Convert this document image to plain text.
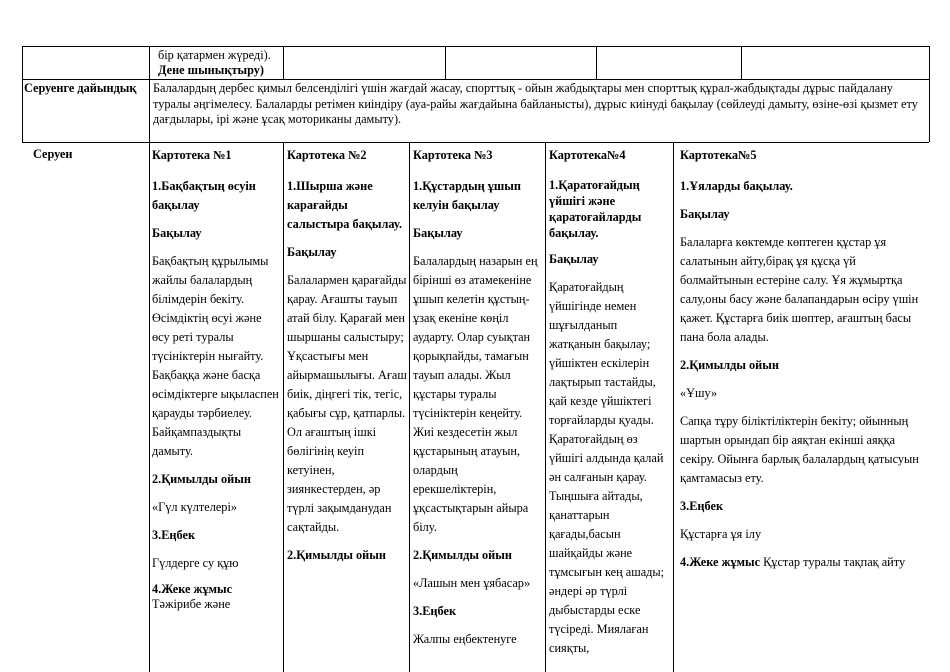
бір қатармен жүреді).
Дене шынықтыру)
Серуенге дайындық	Балалардың дербес қимыл белсенділігі үшін жағдай жасау, спорттық - ойын жабдықтары мен спорттық құрал-жабдықтады дұрыс пайдалану туралы әңгімелесу. Балаларды ретімен киіндіру (ауа-райы жағдайына байланысты), дұрыс киінуді бақылау (сөйлеуді дамыту, өзіне-өзі қызмет ету дағдылары, ірі және ұсақ моториканы дамыту).
Серуен	Картотека №1

1.Бақбақтың өсуін бақылау

Бақылау

Бақбақтың құрылымы жайлы балалардың білімдерін бекіту. Өсімдіктің өсуі және өсу реті туралы түсініктерін нығайту. Бақбаққа және басқа өсімдіктерге ықыласпен қарауды тәрбиелеу. Байқампаздықты дамыту.

2.Қимылды ойын

«Гүл күлтелері»

3.Еңбек

Гүлдерге су құю

4.Жеке жұмыс
Тәжірибе және
Картотека №2

1.Шырша және карағайды салыстыра бақылау.

Бақылау

Балалармен қарағайды қарау. Ағашты тауып атай білу. Қарағай мен шыршаны салыстыру; Ұқсастығы мен айырмашылығы. Ағаш биік, діңгегі тік, тегіс, қабығы сұр, қатпарлы. Ол ағаштың ішкі бөлігінің кеуіп кетуінен, зиянкестерден, әр түрлі зақымданудан сақтайды.

2.Қимылды ойын

Картотека №3

1.Құстардың ұшып келуін бақылау

Бақылау

Балалардың назарын ең біріншi өз атамекеніне ұшып келетін құстың- ұзақ екеніне көңіл аударту. Олар суықтан қорықпайды, тамағын тауып алады. Жыл құстары туралы түсініктерін кеңейту. Жиі кездесетін жыл құстарының атауын, олардың ерекшеліктерін, ұқсастықтарын айыра білу.

2.Қимылды ойын

«Лашын мен ұябасар»

3.Еңбек

Жалпы еңбектенуге

Картотека№4

1.Қаратоғайдың үйшігі және қаратоғайларды бақылау.

Бақылау

Қаратоғайдың үйшігінде немен шұғылданып жатқанын бақылау; үйшіктен ескілерін лақтырып тастайды, қай кезде үйшіктегі торғайларды қуады. Қаратоғайдың өз үйшігі алдында қалай ән салғанын қарау. Тыңшыға айтады, қанаттарын қағады,басын шайқайды және тұмсығын кең ашады; әндері әр түрлі дыбыстарды еске түсіреді. Миялаған сияқты,

Картотека№5

1.Ұяларды бақылау.

Бақылау

Балаларға көктемде көптеген құстар ұя салатынын айту,бірақ ұя құсқа үй болмайтынын естеріне салу. Ұя жұмыртқа салу,оны басу және балапандарын өсіру үшін қажет. Құстарға биік шөптер, ағаштың басы пана бола алады.

2.Қимылды ойын

«Ұшу»

Сапқа тұру біліктіліктерін бекіту; ойынның шартын орындап бір аяқтан екінші аяққа секіру. Ойынға барлық балалардың қатысуын қамтамасыз ету.

3.Еңбек

Құстарға ұя ілу

4.Жеке жұмыс Құстар туралы тақпақ айту
